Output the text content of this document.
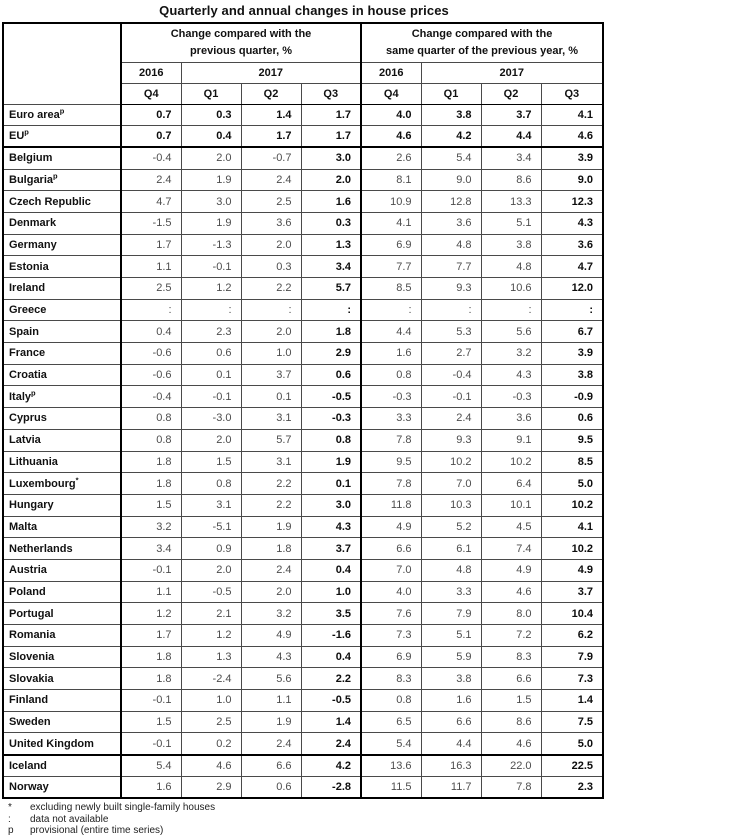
Quarterly and annual changes in house prices
	Change compared with the
previous quarter, %				Change compared with the
same quarter of the previous year, %			
	2016	2017			2016	2017		
	Q4	Q1	Q2	Q3	Q4	Q1	Q2	Q3
Euro area$^p$	0.7	0.3	1.4	1.7	4.0	3.8	3.7	4.1
$EU^p$	0.7	0.4	1.7	1.7	4.6	4.2	4.4	4.6
Belgium	-0.4	2.0	-0.7	3.0	2.6	5.4	3.4	3.9
Bulgaria$^p$	2.4	1.9	2.4	2.0	8.1	9.0	8.6	9.0
Czech Republic	4.7	3.0	2.5	1.6	10.9	12.8	13.3	12.3
Denmark	-1.5	1.9	3.6	0.3	4.1	3.6	5.1	4.3
Germany	1.7	-1.3	2.0	1.3	6.9	4.8	3.8	3.6
Estonia	1.1	-0.1	0.3	3.4	7.7	7.7	4.8	4.7
Ireland	2.5	1.2	2.2	5.7	8.5	9.3	10.6	12.0
Greece	:	:	:	:	:	:	:	:
Spain	0.4	2.3	2.0	1.8	4.4	5.3	5.6	6.7
France	-0.6	0.6	1.0	2.9	1.6	2.7	3.2	3.9
Croatia	-0.6	0.1	3.7	0.6	0.8	-0.4	4.3	3.8
Italy$^p$	-0.4	-0.1	0.1	-0.5	-0.3	-0.1	-0.3	-0.9
Cyprus	0.8	-3.0	3.1	-0.3	3.3	2.4	3.6	0.6
Latvia	0.8	2.0	5.7	0.8	7.8	9.3	9.1	9.5
Lithuania	1.8	1.5	3.1	1.9	9.5	10.2	10.2	8.5
Luxembourg*	1.8	0.8	2.2	0.1	7.8	7.0	6.4	5.0
Hungary	1.5	3.1	2.2	3.0	11.8	10.3	10.1	10.2
Malta	3.2	-5.1	1.9	4.3	4.9	5.2	4.5	4.1
Netherlands	3.4	0.9	1.8	3.7	6.6	6.1	7.4	10.2
Austria	-0.1	2.0	2.4	0.4	7.0	4.8	4.9	4.9
Poland	1.1	-0.5	2.0	1.0	4.0	3.3	4.6	3.7
Portugal	1.2	2.1	3.2	3.5	7.6	7.9	8.0	10.4
Romania	1.7	1.2	4.9	-1.6	7.3	5.1	7.2	6.2
Slovenia	1.8	1.3	4.3	0.4	6.9	5.9	8.3	7.9
Slovakia	1.8	-2.4	5.6	2.2	8.3	3.8	6.6	7.3
Finland	-0.1	1.0	1.1	-0.5	0.8	1.6	1.5	1.4
Sweden	1.5	2.5	1.9	1.4	6.5	6.6	8.6	7.5
United Kingdom	-0.1	0.2	2.4	2.4	5.4	4.4	4.6	5.0
Iceland	5.4	4.6	6.6	4.2	13.6	16.3	22.0	22.5
Norway	1.6	2.9	0.6	-2.8	11.5	11.7	7.8	2.3
*	excluding newly built single-family houses
:	data not available
p	provisional (entire time series)
